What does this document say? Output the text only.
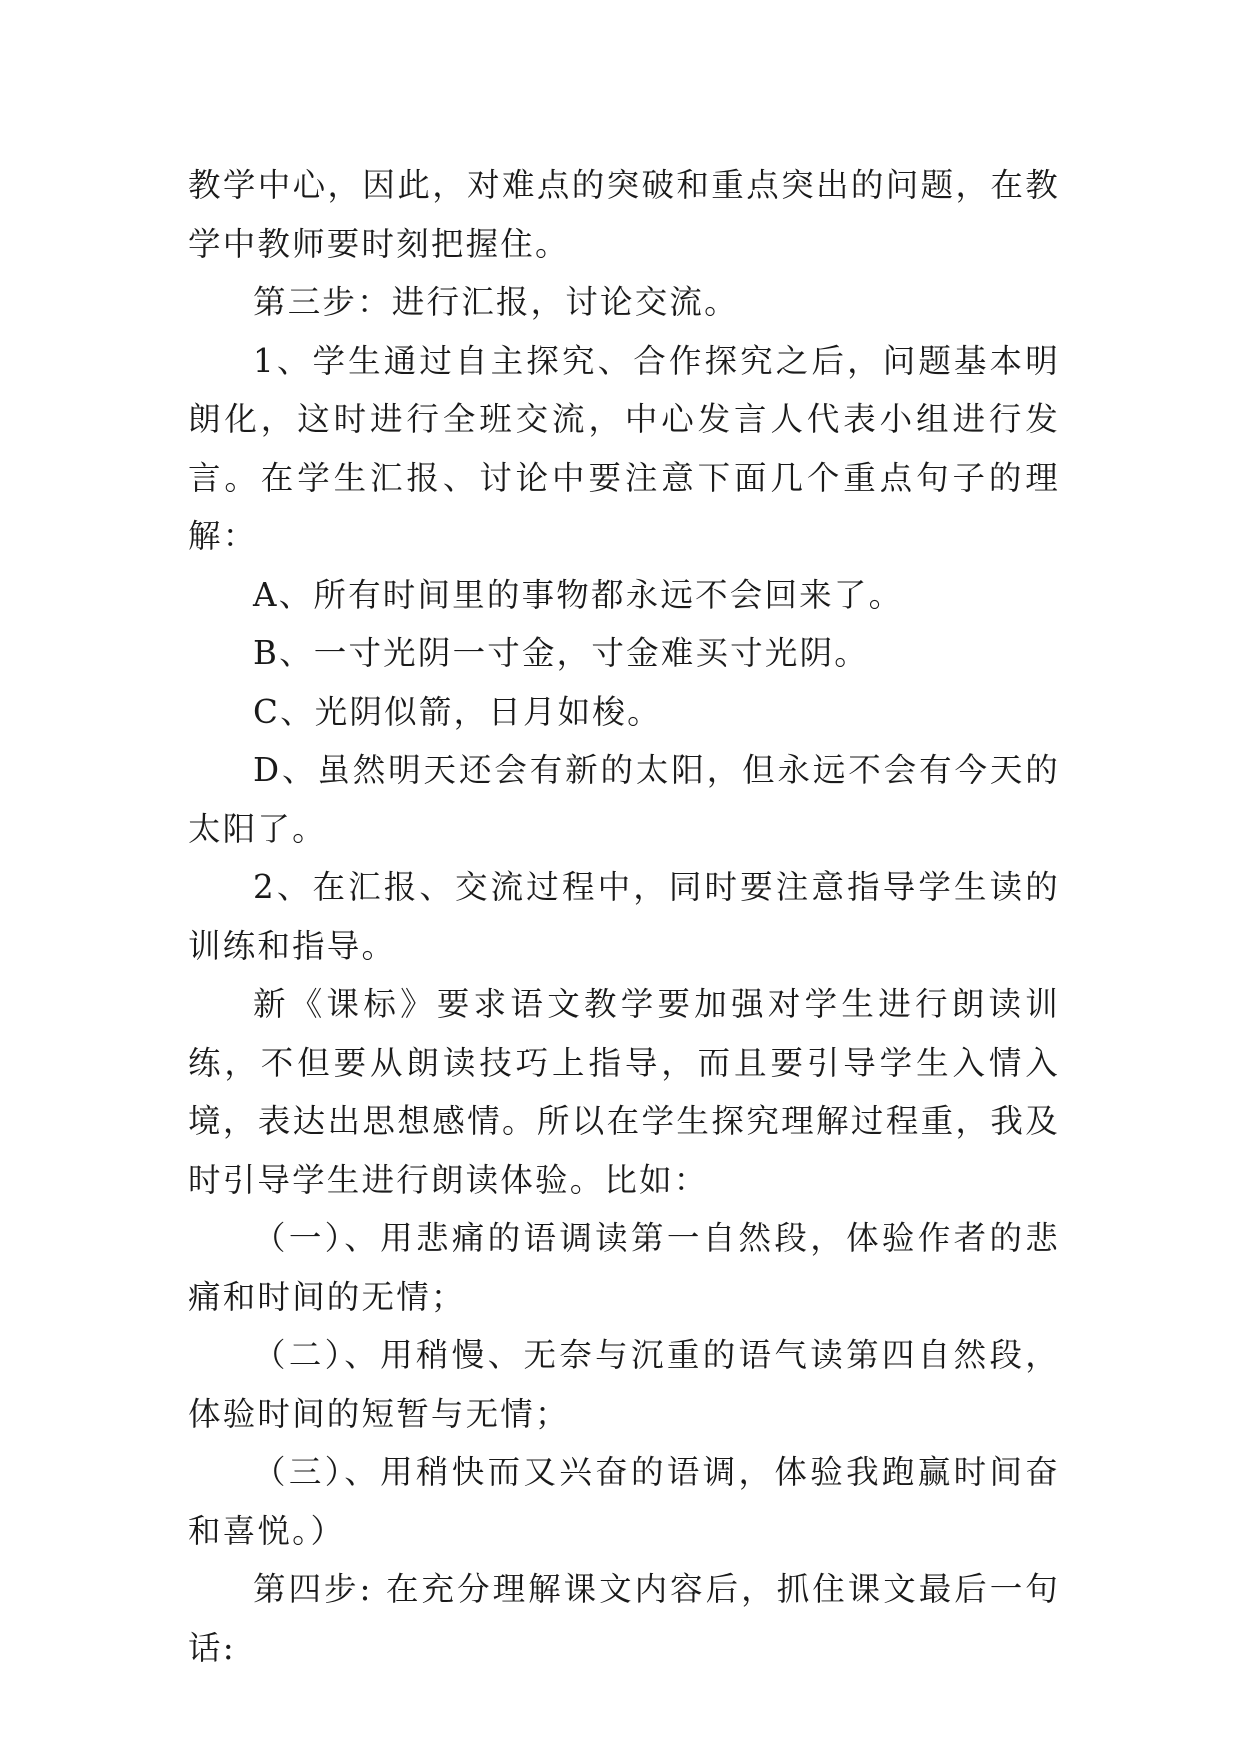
教学中心，因此，对难点的突破和重点突出的问题，在教学中教师要时刻把握住。

第三步：进行汇报，讨论交流。

1、学生通过自主探究、合作探究之后，问题基本明朗化，这时进行全班交流，中心发言人代表小组进行发言。在学生汇报、讨论中要注意下面几个重点句子的理解：

A、所有时间里的事物都永远不会回来了。

B、一寸光阴一寸金，寸金难买寸光阴。

C、光阴似箭，日月如梭。

D、虽然明天还会有新的太阳，但永远不会有今天的太阳了。

2、在汇报、交流过程中，同时要注意指导学生读的训练和指导。

新《课标》要求语文教学要加强对学生进行朗读训练，不但要从朗读技巧上指导，而且要引导学生入情入境，表达出思想感情。所以在学生探究理解过程重，我及时引导学生进行朗读体验。比如：

（一）、用悲痛的语调读第一自然段，体验作者的悲痛和时间的无情；

（二）、用稍慢、无奈与沉重的语气读第四自然段，体验时间的短暂与无情；

（三）、用稍快而又兴奋的语调，体验我跑赢时间奋和喜悦。）

第四步: 在充分理解课文内容后，抓住课文最后一句话:
